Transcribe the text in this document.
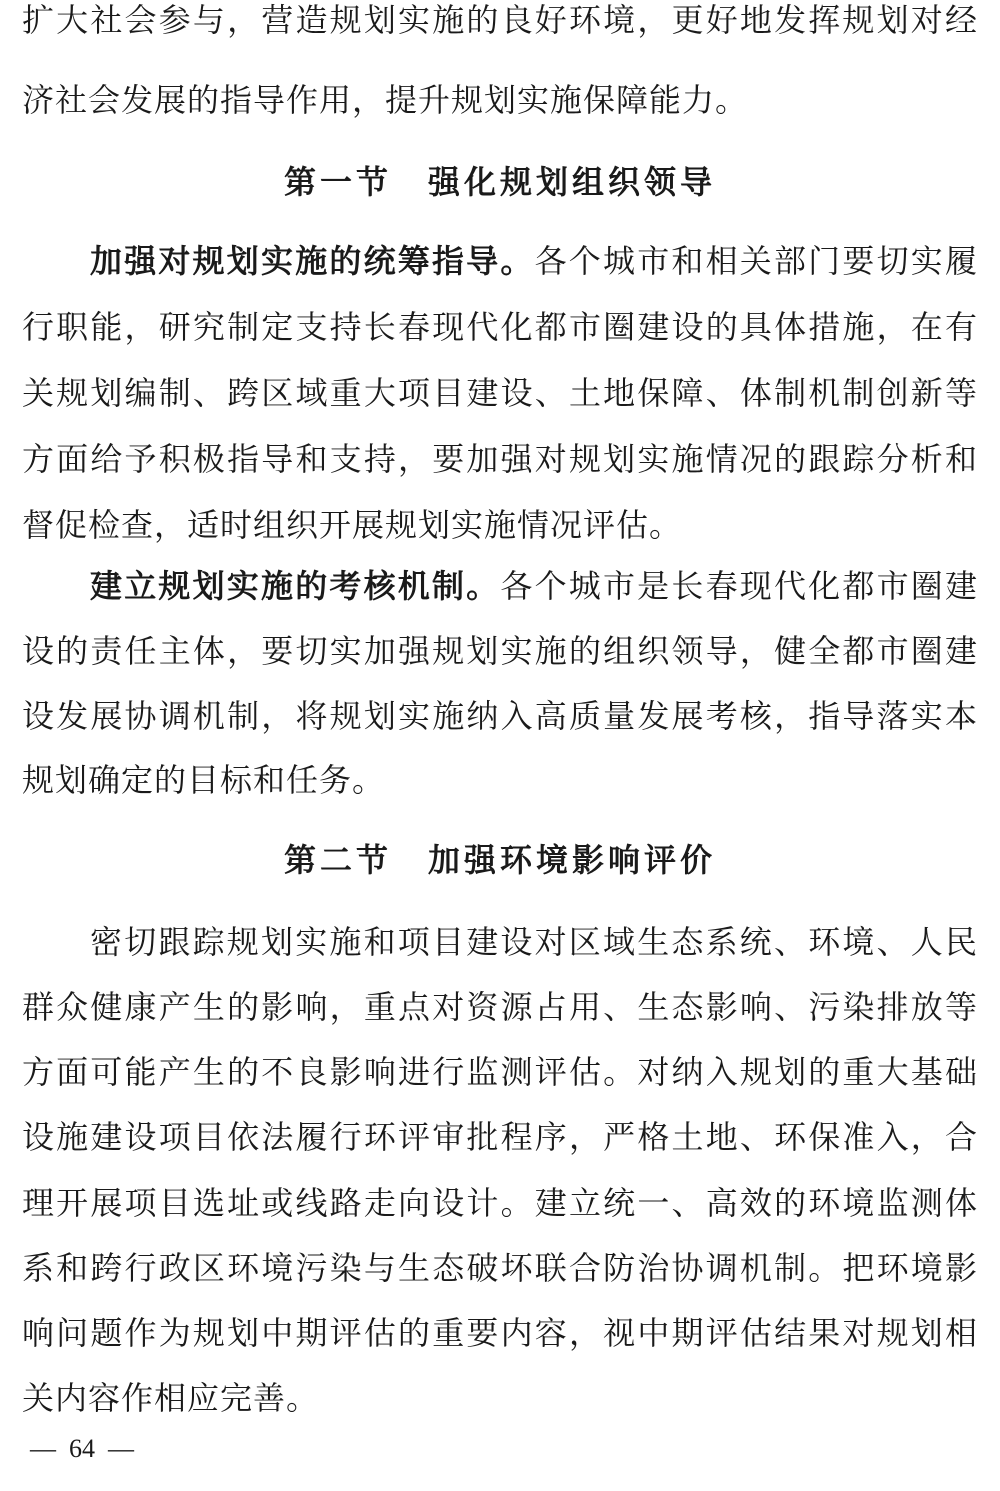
扩大社会参与，营造规划实施的良好环境，更好地发挥规划对经
济社会发展的指导作用，提升规划实施保障能力。
第一节　强化规划组织领导
加强对规划实施的统筹指导。各个城市和相关部门要切实履
行职能，研究制定支持长春现代化都市圈建设的具体措施，在有
关规划编制、跨区域重大项目建设、土地保障、体制机制创新等
方面给予积极指导和支持，要加强对规划实施情况的跟踪分析和
督促检查，适时组织开展规划实施情况评估。
建立规划实施的考核机制。各个城市是长春现代化都市圈建
设的责任主体，要切实加强规划实施的组织领导，健全都市圈建
设发展协调机制，将规划实施纳入高质量发展考核，指导落实本
规划确定的目标和任务。
第二节　加强环境影响评价
密切跟踪规划实施和项目建设对区域生态系统、环境、人民
群众健康产生的影响，重点对资源占用、生态影响、污染排放等
方面可能产生的不良影响进行监测评估。对纳入规划的重大基础
设施建设项目依法履行环评审批程序，严格土地、环保准入，合
理开展项目选址或线路走向设计。建立统一、高效的环境监测体
系和跨行政区环境污染与生态破坏联合防治协调机制。把环境影
响问题作为规划中期评估的重要内容，视中期评估结果对规划相
关内容作相应完善。
—  64  —
